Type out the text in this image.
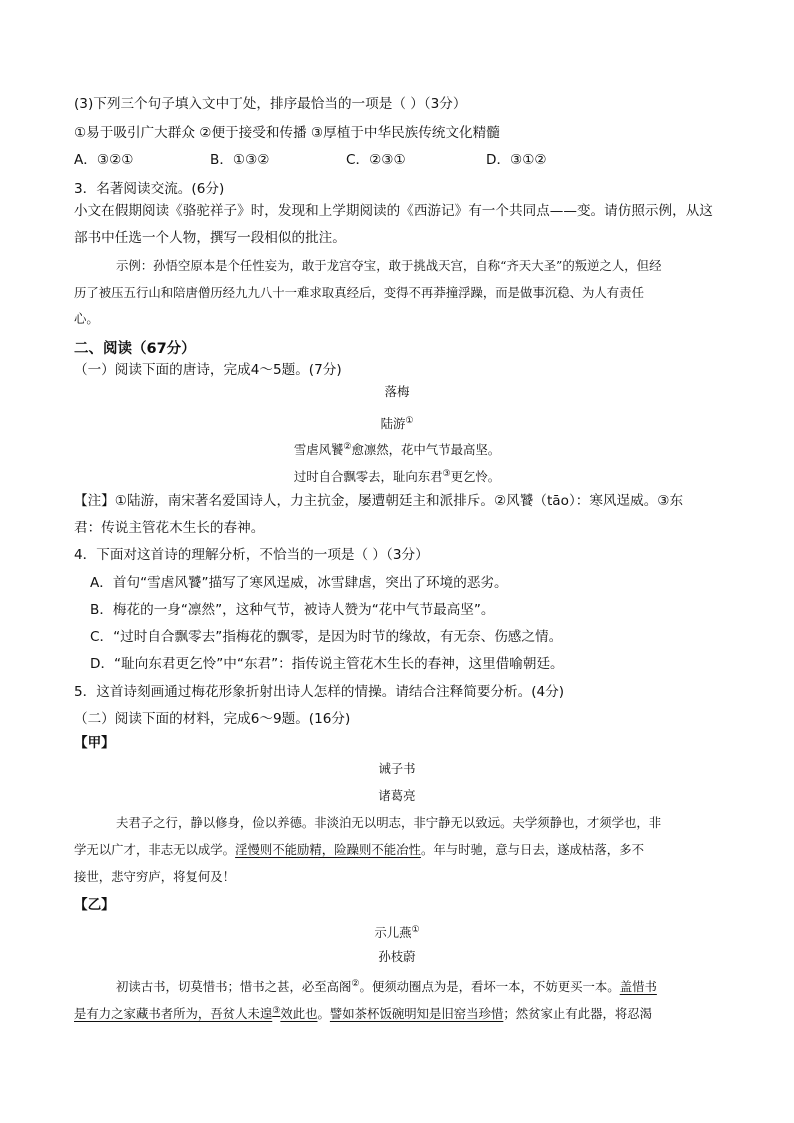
(3)下列三个句子填入文中丁处，排序最恰当的一项是（ ）（3分）
①易于吸引广大群众 ②便于接受和传播 ③厚植于中华民族传统文化精髓
A．③②①	B．①③②	C．②③①	D．③①②
3．名著阅读交流。(6分)
小文在假期阅读《骆驼祥子》时，发现和上学期阅读的《西游记》有一个共同点——变。请仿照示例，从这
部书中任选一个人物，撰写一段相似的批注。
示例：孙悟空原本是个任性妄为，敢于龙宫夺宝，敢于挑战天宫，自称“齐天大圣”的叛逆之人，但经
历了被压五行山和陪唐僧历经九九八十一难求取真经后，变得不再莽撞浮躁，而是做事沉稳、为人有责任
心。
二、阅读（67分）
（一）阅读下面的唐诗，完成4～5题。(7分)
落梅
陆游①
雪虐风饕②愈凛然，花中气节最高坚。
过时自合飘零去，耻向东君③更乞怜。
【注】①陆游，南宋著名爱国诗人，力主抗金，屡遭朝廷主和派排斥。②风饕（tāo）：寒风逞威。③东
君：传说主管花木生长的春神。
4．下面对这首诗的理解分析，不恰当的一项是（ ）（3分）
A．首句“雪虐风饕”描写了寒风逞威，冰雪肆虐，突出了环境的恶劣。
B．梅花的一身“凛然”，这种气节，被诗人赞为“花中气节最高坚”。
C．“过时自合飘零去”指梅花的飘零，是因为时节的缘故，有无奈、伤感之情。
D．“耻向东君更乞怜”中“东君”：指传说主管花木生长的春神，这里借喻朝廷。
5．这首诗刻画通过梅花形象折射出诗人怎样的情操。请结合注释简要分析。(4分)
（二）阅读下面的材料，完成6～9题。(16分)
【甲】
诫子书
诸葛亮
夫君子之行，静以修身，俭以养德。非淡泊无以明志，非宁静无以致远。夫学须静也，才须学也，非
学无以广才，非志无以成学。淫慢则不能励精，险躁则不能冶性。年与时驰，意与日去，遂成枯落，多不
接世，悲守穷庐，将复何及！
【乙】
示儿燕①
孙枝蔚
初读古书，切莫惜书；惜书之甚，必至高阁②。便须动圈点为是，看坏一本，不妨更买一本。盖惜书
是有力之家藏书者所为，吾贫人未遑③效此也。譬如茶杯饭碗明知是旧窑当珍惜；然贫家止有此器，将忍渴
